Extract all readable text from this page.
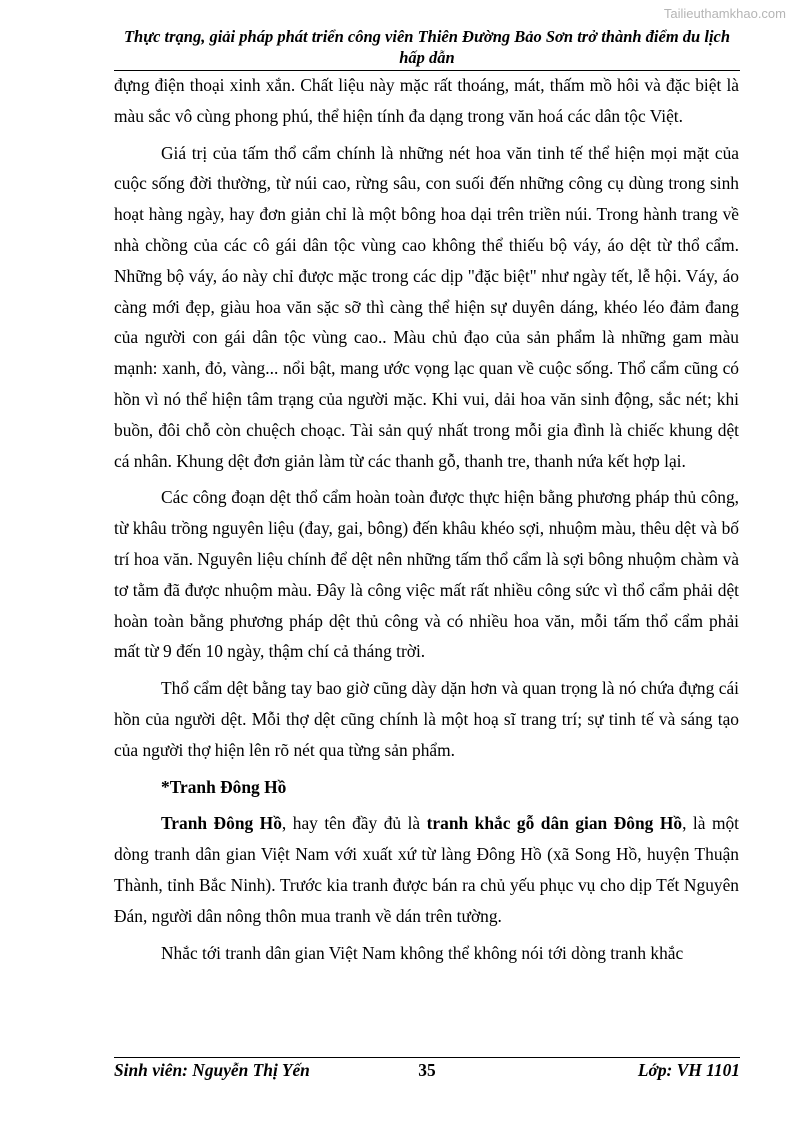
Tailieuthamkhao.com
Thực trạng, giải pháp phát triển công viên Thiên Đường Bảo Sơn trở thành điểm du lịch hấp dẫn

đựng điện thoại xinh xắn. Chất liệu này mặc rất thoáng, mát, thấm mồ hôi và đặc biệt là màu sắc vô cùng phong phú, thể hiện tính đa dạng trong văn hoá các dân tộc Việt.

Giá trị của tấm thổ cẩm chính là những nét hoa văn tinh tế thể hiện mọi mặt của cuộc sống đời thường, từ núi cao, rừng sâu, con suối đến những công cụ dùng trong sinh hoạt hàng ngày, hay đơn giản chỉ là một bông hoa dại trên triền núi. Trong hành trang về nhà chồng của các cô gái dân tộc vùng cao không thể thiếu bộ váy, áo dệt từ thổ cẩm. Những bộ váy, áo này chỉ được mặc trong các dịp "đặc biệt" như ngày tết, lễ hội. Váy, áo càng mới đẹp, giàu hoa văn sặc sỡ thì càng thể hiện sự duyên dáng, khéo léo đảm đang của người con gái dân tộc vùng cao.. Màu chủ đạo của sản phẩm là những gam màu mạnh: xanh, đỏ, vàng... nổi bật, mang ước vọng lạc quan về cuộc sống. Thổ cẩm cũng có hồn vì nó thể hiện tâm trạng của người mặc. Khi vui, dải hoa văn sinh động, sắc nét; khi buồn, đôi chỗ còn chuệch choạc. Tài sản quý nhất trong mỗi gia đình là chiếc khung dệt cá nhân. Khung dệt đơn giản làm từ các thanh gỗ, thanh tre, thanh nứa kết hợp lại.

Các công đoạn dệt thổ cẩm hoàn toàn được thực hiện bằng phương pháp thủ công, từ khâu trồng nguyên liệu (đay, gai, bông) đến khâu khéo sợi, nhuộm màu, thêu dệt và bố trí hoa văn. Nguyên liệu chính để dệt nên những tấm thổ cẩm là sợi bông nhuộm chàm và tơ tằm đã được nhuộm màu. Đây là công việc mất rất nhiều công sức vì thổ cẩm phải dệt hoàn toàn bằng phương pháp dệt thủ công và có nhiều hoa văn, mỗi tấm thổ cẩm phải mất từ 9 đến 10 ngày, thậm chí cả tháng trời.

Thổ cẩm dệt bằng tay bao giờ cũng dày dặn hơn và quan trọng là nó chứa đựng cái hồn của người dệt. Mỗi thợ dệt cũng chính là một hoạ sĩ trang trí; sự tinh tế và sáng tạo của người thợ hiện lên rõ nét qua từng sản phẩm.

*Tranh Đông Hồ

Tranh Đông Hồ, hay tên đầy đủ là tranh khắc gỗ dân gian Đông Hồ, là một dòng tranh dân gian Việt Nam với xuất xứ từ làng Đông Hồ (xã Song Hồ, huyện Thuận Thành, tỉnh Bắc Ninh). Trước kia tranh được bán ra chủ yếu phục vụ cho dịp Tết Nguyên Đán, người dân nông thôn mua tranh về dán trên tường.

Nhắc tới tranh dân gian Việt Nam không thể không nói tới dòng tranh khắc

35
Sinh viên: Nguyễn Thị Yến	Lớp: VH 1101
